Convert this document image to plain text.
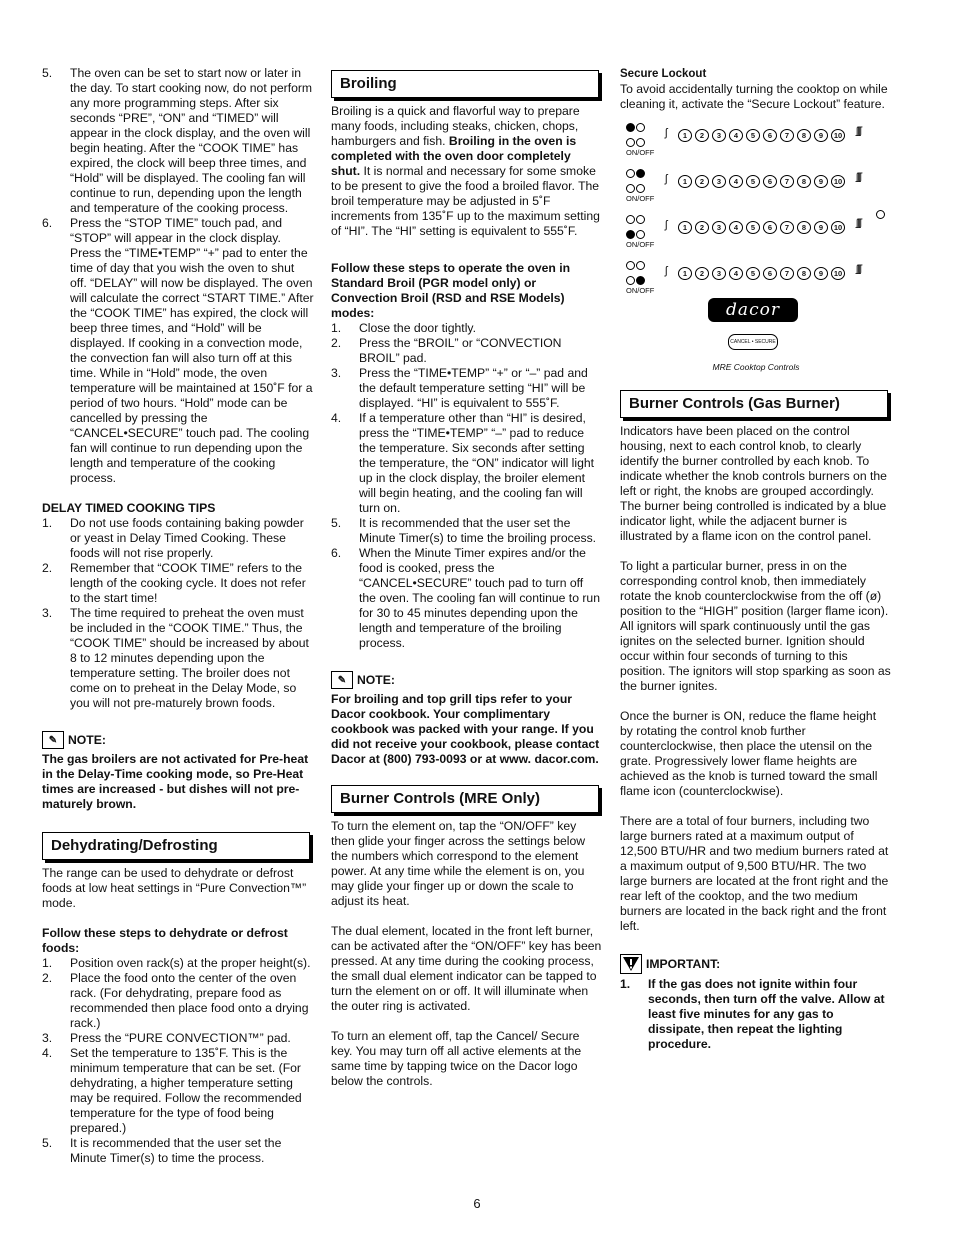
5. The oven can be set to start now or later in the day. To start cooking now, do not perform any more programming steps. After six seconds “PRE”, “ON” and “TIMED” will appear in the clock display, and the oven will begin heating. After the “COOK TIME” has expired, the clock will beep three times, and “Hold” will be displayed. The cooling fan will continue to run, depending upon the length and temperature of the cooking process.
6. Press the “STOP TIME” touch pad, and “STOP” will appear in the clock display. Press the “TIME•TEMP” “+” pad to enter the time of day that you wish the oven to shut off. “DELAY” will now be displayed. The oven will calculate the correct “START TIME.” After the “COOK TIME” has expired, the clock will beep three times, and “Hold” will be displayed. If cooking in a convection mode, the convection fan will also turn off at this time. While in “Hold” mode, the oven temperature will be maintained at 150˚F for a period of two hours. “Hold” mode can be cancelled by pressing the “CANCEL•SECURE” touch pad. The cooling fan will continue to run depending upon the length and temperature of the cooking process.

DELAY TIMED COOKING TIPS

1. Do not use foods containing baking powder or yeast in Delay Timed Cooking. These foods will not rise properly.
2. Remember that “COOK TIME” refers to the length of the cooking cycle. It does not refer to the start time!
3. The time required to preheat the oven must be included in the “COOK TIME.” Thus, the “COOK TIME” should be increased by about 8 to 12 minutes depending upon the temperature setting. The broiler does not come on to preheat in the Delay Mode, so you will not pre-maturely brown foods.
✎ NOTE:

The gas broilers are not activated for Pre-heat in the Delay-Time cooking mode, so Pre-Heat times are increased - but dishes will not pre-maturely brown.

Dehydrating/Defrosting

The range can be used to dehydrate or defrost foods at low heat settings in “Pure Convection™” mode.

Follow these steps to dehydrate or defrost foods:

1. Position oven rack(s) at the proper height(s).
2. Place the food onto the center of the oven rack. (For dehydrating, prepare food as recommended then place food onto a drying rack.)
3. Press the “PURE CONVECTION™” pad.
4. Set the temperature to 135˚F. This is the minimum temperature that can be set. (For dehydrating, a higher temperature setting may be required. Follow the recommended temperature for the type of food being prepared.)
5. It is recommended that the user set the Minute Timer(s) to time the process.
Broiling

Broiling is a quick and flavorful way to prepare many foods, including steaks, chicken, chops, hamburgers and fish. Broiling in the oven is completed with the oven door completely shut. It is normal and necessary for some smoke to be present to give the food a broiled flavor. The broil temperature may be adjusted in 5˚F increments from 135˚F up to the maximum setting of “HI”. The “HI” setting is equivalent to 555˚F.

Follow these steps to operate the oven in Standard Broil (PGR model only) or Convection Broil (RSD and RSE Models) modes:

1. Close the door tightly.
2. Press the “BROIL” or “CONVECTION BROIL” pad.
3. Press the “TIME•TEMP” “+” or “–” pad and the default temperature setting “HI” will be displayed. “HI” is equivalent to 555˚F.
4. If a temperature other than “HI” is desired, press the “TIME•TEMP” “–” pad to reduce the temperature. Six seconds after setting the temperature, the “ON” indicator will light up in the clock display, the broiler element will begin heating, and the cooling fan will turn on.
5. It is recommended that the user set the Minute Timer(s) to time the broiling process.
6. When the Minute Timer expires and/or the food is cooked, press the “CANCEL•SECURE” touch pad to turn off the oven. The cooling fan will continue to run for 30 to 45 minutes depending upon the length and temperature of the broiling process.
✎ NOTE:

For broiling and top grill tips refer to your Dacor cookbook. Your complimentary cookbook was packed with your range. If you did not receive your cookbook, please contact Dacor at (800) 793-0093 or at www. dacor.com.

Burner Controls (MRE Only)

To turn the element on, tap the “ON/OFF” key then glide your finger across the settings below the numbers which correspond to the element power. At any time while the element is on, you may glide your finger up or down the scale to adjust its heat.

The dual element, located in the front left burner, can be activated after the “ON/OFF” key has been pressed. At any time during the cooking process, the small dual element indicator can be tapped to turn the element on or off. It will illuminate when the outer ring is activated.

To turn an element off, tap the Cancel/ Secure key. You may turn off all active elements at the same time by tapping twice on the Dacor logo below the controls.

Secure Lockout

To avoid accidentally turning the cooktop on while cleaning it, activate the “Secure Lockout” feature.

ON/OFF
ʃ	1	2	3	4	5	6	7	8	9	10 ʃʃʃʃ

ON/OFF
ʃ	1	2	3	4	5	6	7	8	9	10 ʃʃʃʃ

ON/OFF
ʃ	1	2	3	4	5	6	7	8	9	10 ʃʃʃʃ

ON/OFF
ʃ	1	2	3	4	5	6	7	8	9	10 ʃʃʃʃ
dacor
CANCEL • SECURE
MRE Cooktop Controls
Burner Controls (Gas Burner)

Indicators have been placed on the control housing, next to each control knob, to clearly identify the burner controlled by each knob. To indicate whether the knob controls burners on the left or right, the knobs are grouped accordingly. The burner being controlled is indicated by a blue indicator light, while the adjacent burner is illustrated by a flame icon on the control panel.

To light a particular burner, press in on the corresponding control knob, then immediately rotate the knob counterclockwise from the off (ø) position to the “HIGH” position (larger flame icon). All ignitors will spark continuously until the gas ignites on the selected burner. Ignition should occur within four seconds of turning to this position. The ignitors will stop sparking as soon as the burner ignites.

Once the burner is ON, reduce the flame height by rotating the control knob further counterclockwise, then place the utensil on the grate. Progressively lower flame heights are achieved as the knob is turned toward the small flame icon (counterclockwise).

There are a total of four burners, including two large burners rated at a maximum output of 12,500 BTU/HR and two medium burners rated at a maximum output of 9,500 BTU/HR. The two large burners are located at the front right and the rear left of the cooktop, and the two medium burners are located in the back right and the front left.

IMPORTANT:
1. If the gas does not ignite within four seconds, then turn off the valve. Allow at least five minutes for any gas to dissipate, then repeat the lighting procedure.
6
